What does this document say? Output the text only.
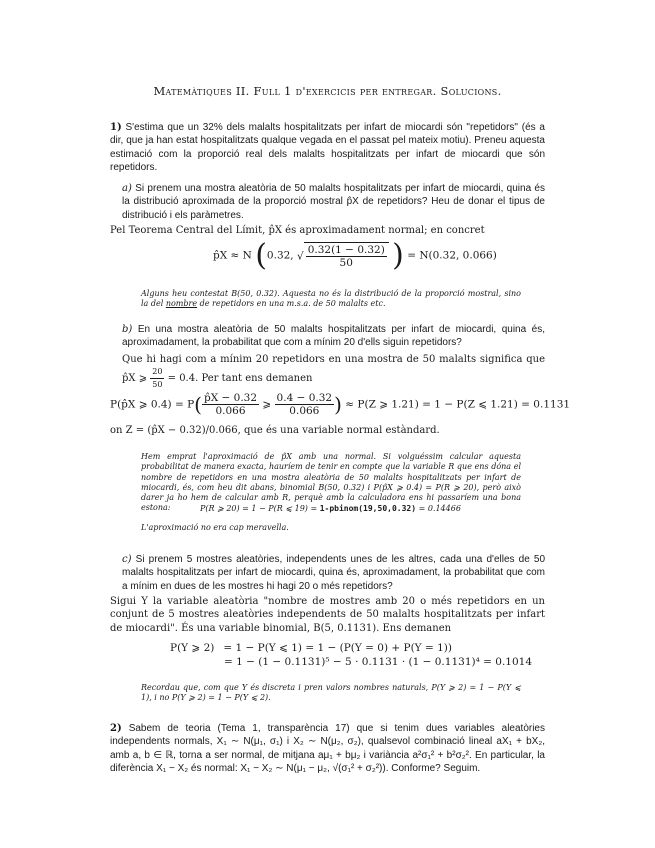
Matemàtiques II. Full 1 d'exercicis per entregar. Solucions.
1) S'estima que un 32% dels malalts hospitalitzats per infart de miocardi són "repetidors" (és a dir, que ja han estat hospitalitzats qualque vegada en el passat pel mateix motiu). Preneu aquesta estimació com la proporció real dels malalts hospitalitzats per infart de miocardi que són repetidors.
a) Si prenem una mostra aleatòria de 50 malalts hospitalitzats per infart de miocardi, quina és la distribució aproximada de la proporció mostral p̂X de repetidors? Heu de donar el tipus de distribució i els paràmetres.
Pel Teorema Central del Límit, p̂X és aproximadament normal; en concret
p̂X ≈ N (0.32, √ $\frac{0.32(1 - 0.32)}{50}$ ) = N(0.32, 0.066)
Alguns heu contestat B(50, 0.32). Aquesta no és la distribució de la proporció mostral, sino la del nombre de repetidors en una m.s.a. de 50 malalts etc.
b) En una mostra aleatòria de 50 malalts hospitalitzats per infart de miocardi, quina és, aproximadament, la probabilitat que com a mínim 20 d'ells siguin repetidors?
Que hi hagi com a mínim 20 repetidors en una mostra de 50 malalts significa que p̂X ⩾ $\frac{20}{50} = 0.4$. Per tant ens demanen
P(p̂X ⩾ $0.4) = P( \frac{p̂X - 0.32}{0.066}$ ⩾ $\frac{0.4 - 0.32}{0.066}$ ) ≈ P(Z ⩾ 1.21) = 1 − P(Z ⩽ 1.21) = 0.1131
on Z = (p̂X − 0.32)/0.066, que és una variable normal estàndard.
Hem emprat l'aproximació de p̂X amb una normal. Si volguéssim calcular aquesta probabilitat de manera exacta, hauríem de tenir en compte que la variable R que ens dóna el nombre de repetidors en una mostra aleatòria de 50 malalts hospitalitzats per infart de miocardi, és, com heu dit abans, binomial B(50, 0.32) i P(p̂X ⩾ 0.4) = P(R ⩾ 20), però això darer ja ho hem de calcular amb R, perquè amb la calculadora ens hi passaríem una bona estona:	P(R ⩾ 20) = 1 − P(R ⩽ 19) = 1-pbinom(19,50,0.32) = 0.14466
L'aproximació no era cap meravella.
c) Si prenem 5 mostres aleatòries, independents unes de les altres, cada una d'elles de 50 malalts hospitalitzats per infart de miocardi, quina és, aproximadament, la probabilitat que com a mínim en dues de les mostres hi hagi 20 o més repetidors?
Sigui Y la variable aleatòria "nombre de mostres amb 20 o més repetidors en un conjunt de 5 mostres aleatòries independents de 50 malalts hospitalitzats per infart de miocardi". És una variable binomial, B(5, 0.1131). Ens demanen
P(Y ⩾ 2) = 1 − P(Y ⩽ 1) = 1 − (P(Y = 0) + P(Y = 1))
= 1 − (1 − 0.1131)⁵ − 5 · 0.1131 · (1 − 0.1131)⁴ = 0.1014
Recordau que, com que Y és discreta i pren valors nombres naturals, P(Y ⩾ 2) = 1 − P(Y ⩽ 1), i no P(Y ⩾ 2) = 1 − P(Y ⩽ 2).
2) Sabem de teoria (Tema 1, transparència 17) que si tenim dues variables aleatòries independents normals, X₁ ∼ N(μ₁, σ₁) i X₂ ∼ N(μ₂, σ₂), qualsevol combinació lineal aX₁ + bX₂, amb a, b ∈ ℝ, torna a ser normal, de mitjana aμ₁ + bμ₂ i variància a²σ₁² + b²σ₂². En particular, la diferència X₁ − X₂ és normal: X₁ − X₂ ∼ N(μ₁ − μ₂, √(σ₁² + σ₂²)). Conforme? Seguim.
